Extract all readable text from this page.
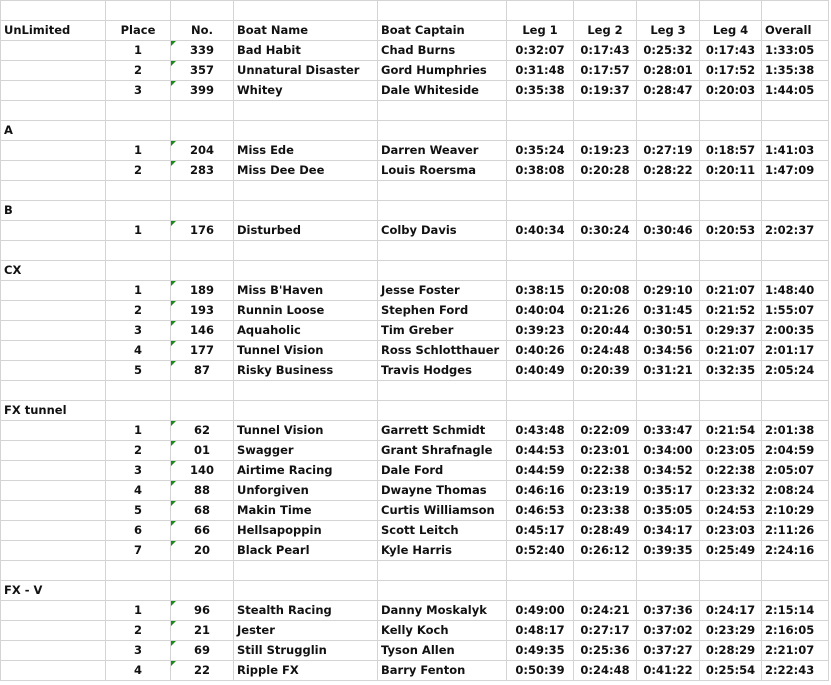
UnLimited	Place	No.	Boat Name	Boat Captain	Leg 1	Leg 2	Leg 3	Leg 4	Overall
	1	339	Bad Habit	Chad Burns	0:32:07	0:17:43	0:25:32	0:17:43	1:33:05
	2	357	Unnatural Disaster	Gord Humphries	0:31:48	0:17:57	0:28:01	0:17:52	1:35:38
	3	399	Whitey	Dale Whiteside	0:35:38	0:19:37	0:28:47	0:20:03	1:44:05

A									
	1	204	Miss Ede	Darren Weaver	0:35:24	0:19:23	0:27:19	0:18:57	1:41:03
	2	283	Miss Dee Dee	Louis Roersma	0:38:08	0:20:28	0:28:22	0:20:11	1:47:09

B									
	1	176	Disturbed	Colby Davis	0:40:34	0:30:24	0:30:46	0:20:53	2:02:37

CX									
	1	189	Miss B'Haven	Jesse Foster	0:38:15	0:20:08	0:29:10	0:21:07	1:48:40
	2	193	Runnin Loose	Stephen Ford	0:40:04	0:21:26	0:31:45	0:21:52	1:55:07
	3	146	Aquaholic	Tim Greber	0:39:23	0:20:44	0:30:51	0:29:37	2:00:35
	4	177	Tunnel Vision	Ross Schlotthauer	0:40:26	0:24:48	0:34:56	0:21:07	2:01:17
	5	87	Risky Business	Travis Hodges	0:40:49	0:20:39	0:31:21	0:32:35	2:05:24

FX tunnel									
	1	62	Tunnel Vision	Garrett Schmidt	0:43:48	0:22:09	0:33:47	0:21:54	2:01:38
	2	01	Swagger	Grant Shrafnagle	0:44:53	0:23:01	0:34:00	0:23:05	2:04:59
	3	140	Airtime Racing	Dale Ford	0:44:59	0:22:38	0:34:52	0:22:38	2:05:07
	4	88	Unforgiven	Dwayne Thomas	0:46:16	0:23:19	0:35:17	0:23:32	2:08:24
	5	68	Makin Time	Curtis Williamson	0:46:53	0:23:38	0:35:05	0:24:53	2:10:29
	6	66	Hellsapoppin	Scott Leitch	0:45:17	0:28:49	0:34:17	0:23:03	2:11:26
	7	20	Black Pearl	Kyle Harris	0:52:40	0:26:12	0:39:35	0:25:49	2:24:16

FX - V									
	1	96	Stealth Racing	Danny Moskalyk	0:49:00	0:24:21	0:37:36	0:24:17	2:15:14
	2	21	Jester	Kelly Koch	0:48:17	0:27:17	0:37:02	0:23:29	2:16:05
	3	69	Still Strugglin	Tyson Allen	0:49:35	0:25:36	0:37:27	0:28:29	2:21:07
	4	22	Ripple FX	Barry Fenton	0:50:39	0:24:48	0:41:22	0:25:54	2:22:43
